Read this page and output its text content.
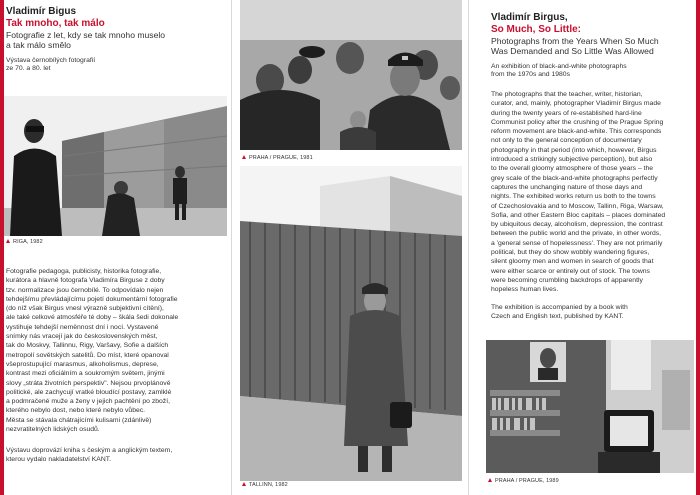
Vladimír Bigus
Tak mnoho, tak málo
Fotografie z let, kdy se tak mnoho muselo
a tak málo smělo
Výstava černobílých fotografií
ze 70. a 80. let
RIGA, 1982
Fotografie pedagoga, publicisty, historika fotografie,
kurátora a hlavně fotografa Vladimíra Birguse z doby
tzv. normalizace jsou černobílé. To odpovídalo nejen
tehdejšímu převládajícímu pojetí dokumentární fotografie
(do níž však Birgus vnesl výrazně subjektivní cítění),
ale také celkové atmosféře té doby – škála šedi dokonale
vystihuje tehdejší neměnnost dní i nocí. Vystavené
snímky nás vracejí jak do československých měst,
tak do Moskvy, Tallinnu, Rigy, Varšavy, Sofie a dalších
metropolí sovětských satelitů. Do míst, které opanoval
všeprostupující marasmus, alkoholismus, deprese,
kontrast mezi oficiálním a soukromým světem, jinými
slovy „stráta životních perspektiv". Nejsou prvoplánově
politické, ale zachycují vratké bloudící postavy, zamlklé
a podmračené muže a ženy v jejich pachtění po zboží,
kterého nebylo dost, nebo které nebylo vůbec.
Města se stávala chátrajícími kulisami (zdánlivě)
nezvratitelných lidských osudů.
Výstavu doprovází kniha s českým a anglickým textem,
kterou vydalo nakladatelství KANT.
PRAHA / PRAGUE, 1981
TALLINN, 1982
Vladimír Birgus,
So Much, So Little:
Photographs from the Years When So Much
Was Demanded and So Little Was Allowed
An exhibition of black-and-white photographs
from the 1970s and 1980s
The photographs that the teacher, writer, historian,
curator, and, mainly, photographer Vladimír Birgus made
during the twenty years of re-established hard-line
Communist policy after the crushing of the Prague Spring
reform movement are black-and-white. This corresponds
not only to the general conception of documentary
photography in that period (into which, however, Birgus
introduced a strikingly subjective perception), but also
to the overall gloomy atmosphere of those years – the
grey scale of the black-and-white photographs perfectly
captures the unchanging nature of those days and
nights. The exhibited works return us both to the towns
of Czechoslovakia and to Moscow, Tallinn, Riga, Warsaw,
Sofia, and other Eastern Bloc capitals – places dominated
by ubiquitous decay, alcoholism, depression, the contrast
between the public world and the private, in other words,
a 'general sense of hopelessness'. They are not primarily
political, but they do show wobbly wandering figures,
silent gloomy men and women in search of goods that
were either scarce or entirely out of stock. The towns
were becoming crumbling backdrops of apparently
hopeless human lives.
The exhibition is accompanied by a book with
Czech and English text, published by KANT.
PRAHA / PRAGUE, 1989
